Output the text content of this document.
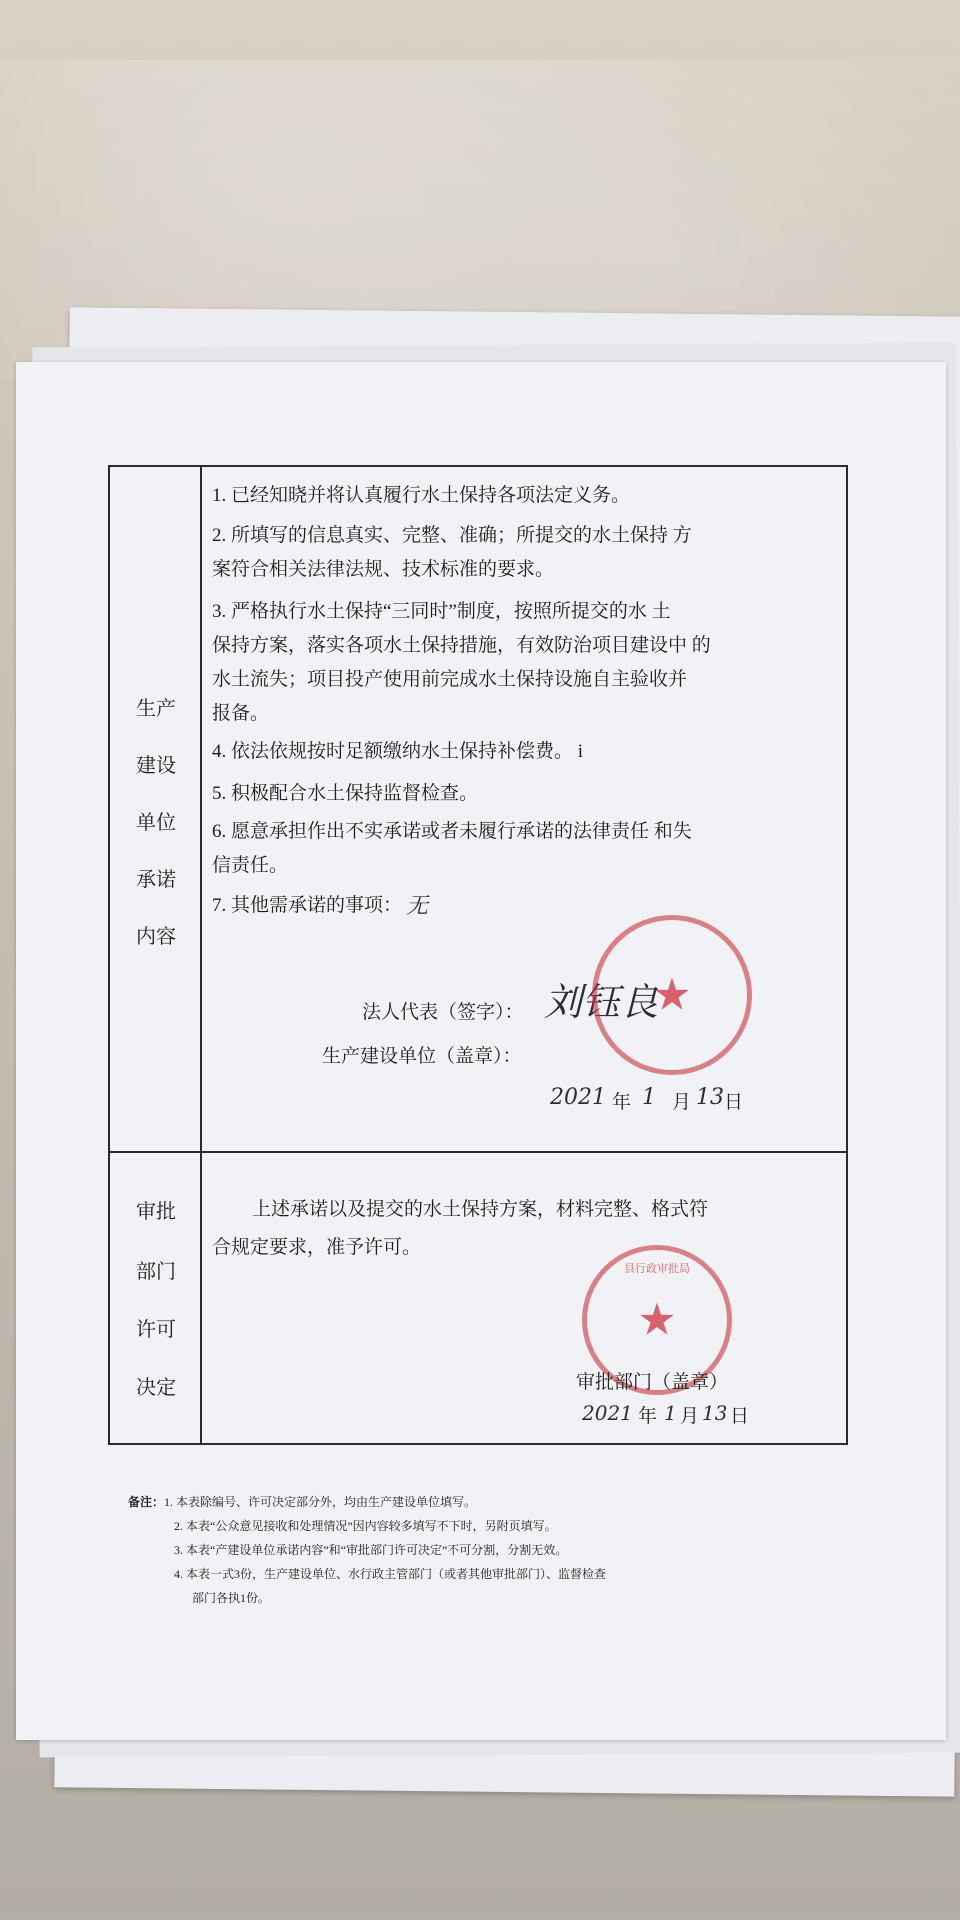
生产
建设
单位
承诺
内容
1. 已经知晓并将认真履行水土保持各项法定义务。
2. 所填写的信息真实、完整、准确；所提交的水土保持 方
案符合相关法律法规、技术标准的要求。
3. 严格执行水土保持“三同时”制度，按照所提交的水 土
保持方案，落实各项水土保持措施，有效防治项目建设中 的
水土流失；项目投产使用前完成水土保持设施自主验收并
报备。
4. 依法依规按时足额缴纳水土保持补偿费。 i
5. 积极配合水土保持监督检查。
6. 愿意承担作出不实承诺或者未履行承诺的法律责任 和失
信责任。
7. 其他需承诺的事项： 无
法人代表（签字）：
生产建设单位（盖章）：
刘钰良
★
2021 年 1 月 13 日
审批
部门
许可
决定
上述承诺以及提交的水土保持方案，材料完整、格式符
合规定要求，准予许可。
县行政审批局
★
审批部门（盖章）
2021 年 1 月 13 日
备注：1. 本表除编号、许可决定部分外，均由生产建设单位填写。
2. 本表“公众意见接收和处理情况”因内容较多填写不下时，另附页填写。
3. 本表“产建设单位承诺内容”和“审批部门许可决定”不可分割，分割无效。
4. 本表一式3份，生产建设单位、水行政主管部门（或者其他审批部门）、监督检查
部门各执1份。
